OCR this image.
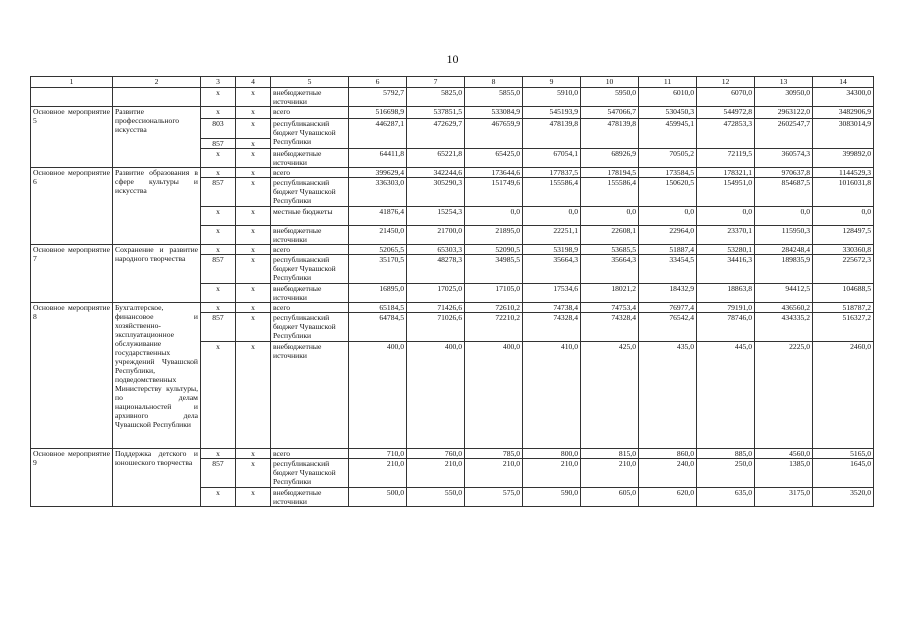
10
1	2	3	4	5	6	7	8	9	10	11	12	13	14
		х	х	внебюджетные источники	5792,7	5825,0	5855,0	5910,0	5950,0	6010,0	6070,0	30950,0	34300,0
Основное мероприятие 5	Развитие профессионального искусства	х	х	всего	516698,9	537851,5	533084,9	545193,9	547066,7	530450,3	544972,8	2963122,0	3482906,9
		803	х	республиканский бюджет Чувашской Республики	446287,1	472629,7	467659,9	478139,8	478139,8	459945,1	472853,3	2602547,7	3083014,9
		857	х										
		х	х	внебюджетные источники	64411,8	65221,8	65425,0	67054,1	68926,9	70505,2	72119,5	360574,3	399892,0
Основное мероприятие 6	Развитие образования в сфере культуры и искусства	х	х	всего	399629,4	342244,6	173644,6	177837,5	178194,5	173584,5	178321,1	970637,8	1144529,3
		857	х	республиканский бюджет Чувашской Республики	336303,0	305290,3	151749,6	155586,4	155586,4	150620,5	154951,0	854687,5	1016031,8
		х	х	местные бюджеты	41876,4	15254,3	0,0	0,0	0,0	0,0	0,0	0,0	0,0
		х	х	внебюджетные источники	21450,0	21700,0	21895,0	22251,1	22608,1	22964,0	23370,1	115950,3	128497,5
Основное мероприятие 7	Сохранение и развитие народного творчества	х	х	всего	52065,5	65303,3	52090,5	53198,9	53685,5	51887,4	53280,1	284248,4	330360,8
		857	х	республиканский бюджет Чувашской Республики	35170,5	48278,3	34985,5	35664,3	35664,3	33454,5	34416,3	189835,9	225672,3
		х	х	внебюджетные источники	16895,0	17025,0	17105,0	17534,6	18021,2	18432,9	18863,8	94412,5	104688,5
Основное мероприятие 8	Бухгалтерское, финансовое и хозяйственно-эксплуатационное обслуживание государственных учреждений Чувашской Республики, подведомственных Министерству культуры, по делам национальностей и архивного дела Чувашской Республики	х	х	всего	65184,5	71426,6	72610,2	74738,4	74753,4	76977,4	79191,0	436560,2	518787,2
		857	х	республиканский бюджет Чувашской Республики	64784,5	71026,6	72210,2	74328,4	74328,4	76542,4	78746,0	434335,2	516327,2
		х	х	внебюджетные источники	400,0	400,0	400,0	410,0	425,0	435,0	445,0	2225,0	2460,0
Основное мероприятие 9	Поддержка детского и юношеского творчества	х	х	всего	710,0	760,0	785,0	800,0	815,0	860,0	885,0	4560,0	5165,0
		857	х	республиканский бюджет Чувашской Республики	210,0	210,0	210,0	210,0	210,0	240,0	250,0	1385,0	1645,0
		х	х	внебюджетные источники	500,0	550,0	575,0	590,0	605,0	620,0	635,0	3175,0	3520,0
